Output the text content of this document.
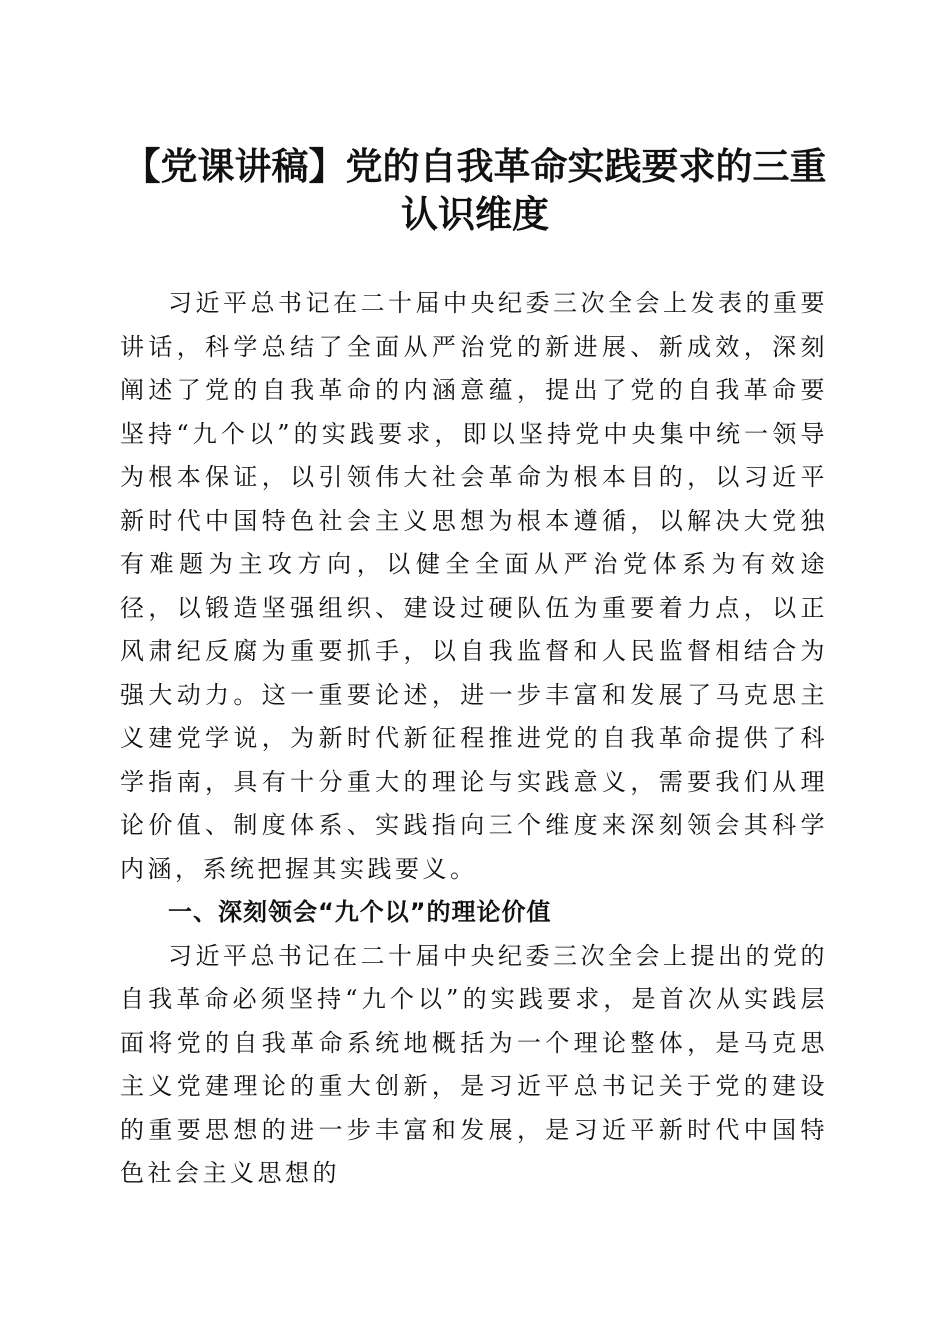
【党课讲稿】党的自我革命实践要求的三重认识维度

习近平总书记在二十届中央纪委三次全会上发表的重要讲话，科学总结了全面从严治党的新进展、新成效，深刻阐述了党的自我革命的内涵意蕴，提出了党的自我革命要坚持“九个以”的实践要求，即以坚持党中央集中统一领导为根本保证，以引领伟大社会革命为根本目的，以习近平新时代中国特色社会主义思想为根本遵循，以解决大党独有难题为主攻方向，以健全全面从严治党体系为有效途径，以锻造坚强组织、建设过硬队伍为重要着力点，以正风肃纪反腐为重要抓手，以自我监督和人民监督相结合为强大动力。这一重要论述，进一步丰富和发展了马克思主义建党学说，为新时代新征程推进党的自我革命提供了科学指南，具有十分重大的理论与实践意义，需要我们从理论价值、制度体系、实践指向三个维度来深刻领会其科学内涵，系统把握其实践要义。

一、深刻领会“九个以”的理论价值

习近平总书记在二十届中央纪委三次全会上提出的党的自我革命必须坚持“九个以”的实践要求，是首次从实践层面将党的自我革命系统地概括为一个理论整体，是马克思主义党建理论的重大创新，是习近平总书记关于党的建设的重要思想的进一步丰富和发展，是习近平新时代中国特色社会主义思想的
